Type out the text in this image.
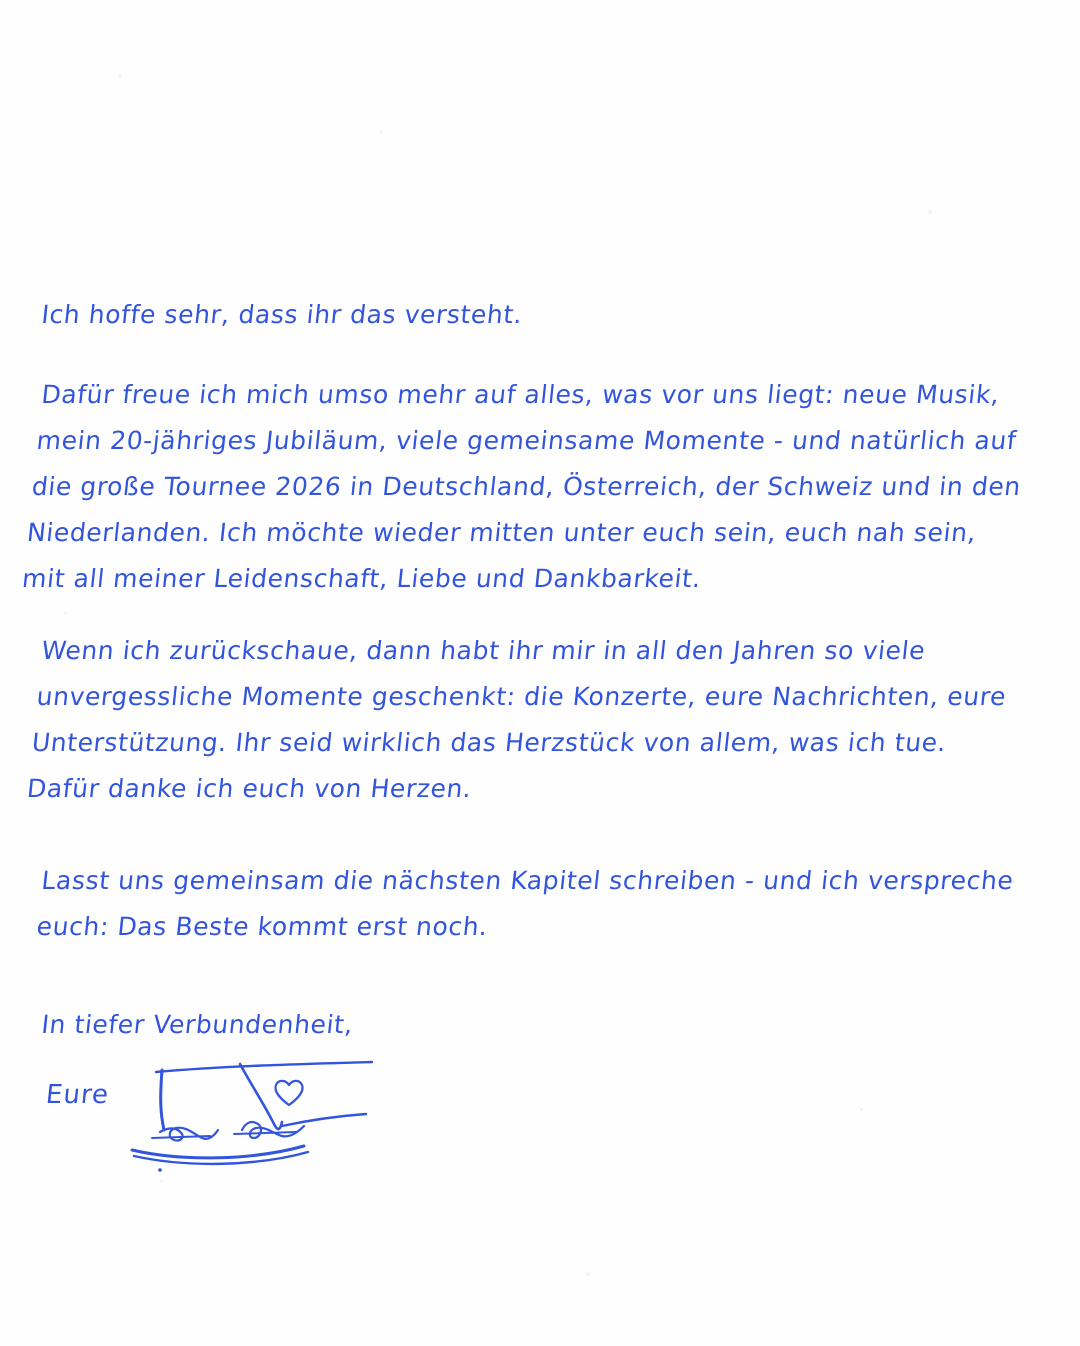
Ich hoffe sehr, dass ihr das versteht.

Dafür freue ich mich umso mehr auf alles, was vor uns liegt: neue Musik, mein 20-jähriges Jubiläum, viele gemeinsame Momente - und natürlich auf die große Tournee 2026 in Deutschland, Österreich, der Schweiz und in den Niederlanden. Ich möchte wieder mitten unter euch sein, euch nah sein, mit all meiner Leidenschaft, Liebe und Dankbarkeit.

Wenn ich zurückschaue, dann habt ihr mir in all den Jahren so viele unvergessliche Momente geschenkt: die Konzerte, eure Nachrichten, eure Unterstützung. Ihr seid wirklich das Herzstück von allem, was ich tue. Dafür danke ich euch von Herzen.

Lasst uns gemeinsam die nächsten Kapitel schreiben - und ich verspreche euch: Das Beste kommt erst noch.

In tiefer Verbundenheit,
Eure
